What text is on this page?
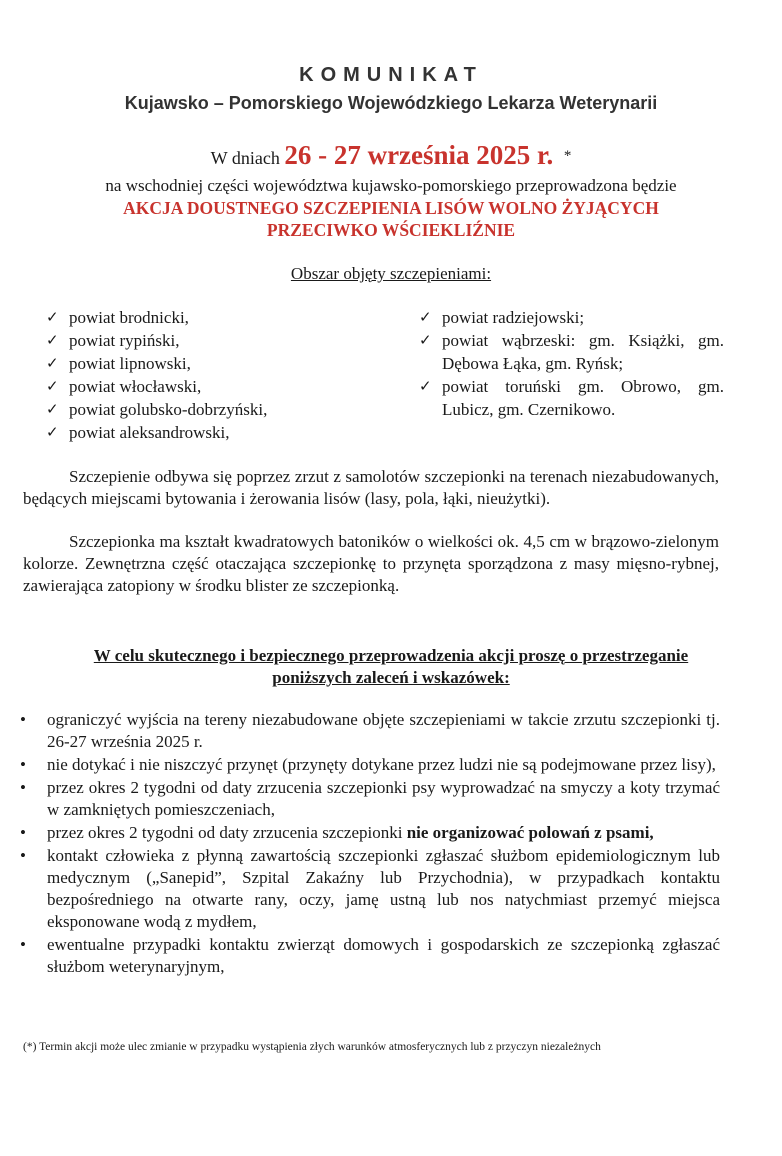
KOMUNIKAT
Kujawsko – Pomorskiego Wojewódzkiego Lekarza Weterynarii
W dniach 26 - 27 września 2025 r. *
na wschodniej części województwa kujawsko-pomorskiego przeprowadzona będzie
AKCJA DOUSTNEGO SZCZEPIENIA LISÓW WOLNO ŻYJĄCYCH
PRZECIWKO WŚCIEKLIŹNIE
Obszar objęty szczepieniami:
✓ powiat brodnicki,
✓ powiat rypiński,
✓ powiat lipnowski,
✓ powiat włocławski,
✓ powiat golubsko-dobrzyński,
✓ powiat aleksandrowski,
✓ powiat radziejowski;
✓ powiat wąbrzeski: gm. Książki, gm. Dębowa Łąka, gm. Ryńsk;
✓ powiat toruński gm. Obrowo, gm. Lubicz, gm. Czernikowo.
Szczepienie odbywa się poprzez zrzut z samolotów szczepionki na terenach niezabudowanych, będących miejscami bytowania i żerowania lisów (lasy, pola, łąki, nieużytki).
Szczepionka ma kształt kwadratowych batoników o wielkości ok. 4,5 cm w brązowo-zielonym kolorze. Zewnętrzna część otaczająca szczepionkę to przynęta sporządzona z masy mięsno-rybnej, zawierająca zatopiony w środku blister ze szczepionką.
W celu skutecznego i bezpiecznego przeprowadzenia akcji proszę o przestrzeganie
poniższych zaleceń i wskazówek:
•	ograniczyć wyjścia na tereny niezabudowane objęte szczepieniami w takcie zrzutu szczepionki tj. 26-27 września 2025 r.
•	nie dotykać i nie niszczyć przynęt (przynęty dotykane przez ludzi nie są podejmowane przez lisy),
•	przez okres 2 tygodni od daty zrzucenia szczepionki psy wyprowadzać na smyczy a koty trzymać w zamkniętych pomieszczeniach,
•	przez okres 2 tygodni od daty zrzucenia szczepionki nie organizować polowań z psami,
•	kontakt człowieka z płynną zawartością szczepionki zgłaszać służbom epidemiologicznym lub medycznym („Sanepid”, Szpital Zakaźny lub Przychodnia), w przypadkach kontaktu bezpośredniego na otwarte rany, oczy, jamę ustną lub nos natychmiast przemyć miejsca eksponowane wodą z mydłem,
•	ewentualne przypadki kontaktu zwierząt domowych i gospodarskich ze szczepionką zgłaszać służbom weterynaryjnym,
(*) Termin akcji może ulec zmianie w przypadku wystąpienia złych warunków atmosferycznych lub z przyczyn niezależnych
